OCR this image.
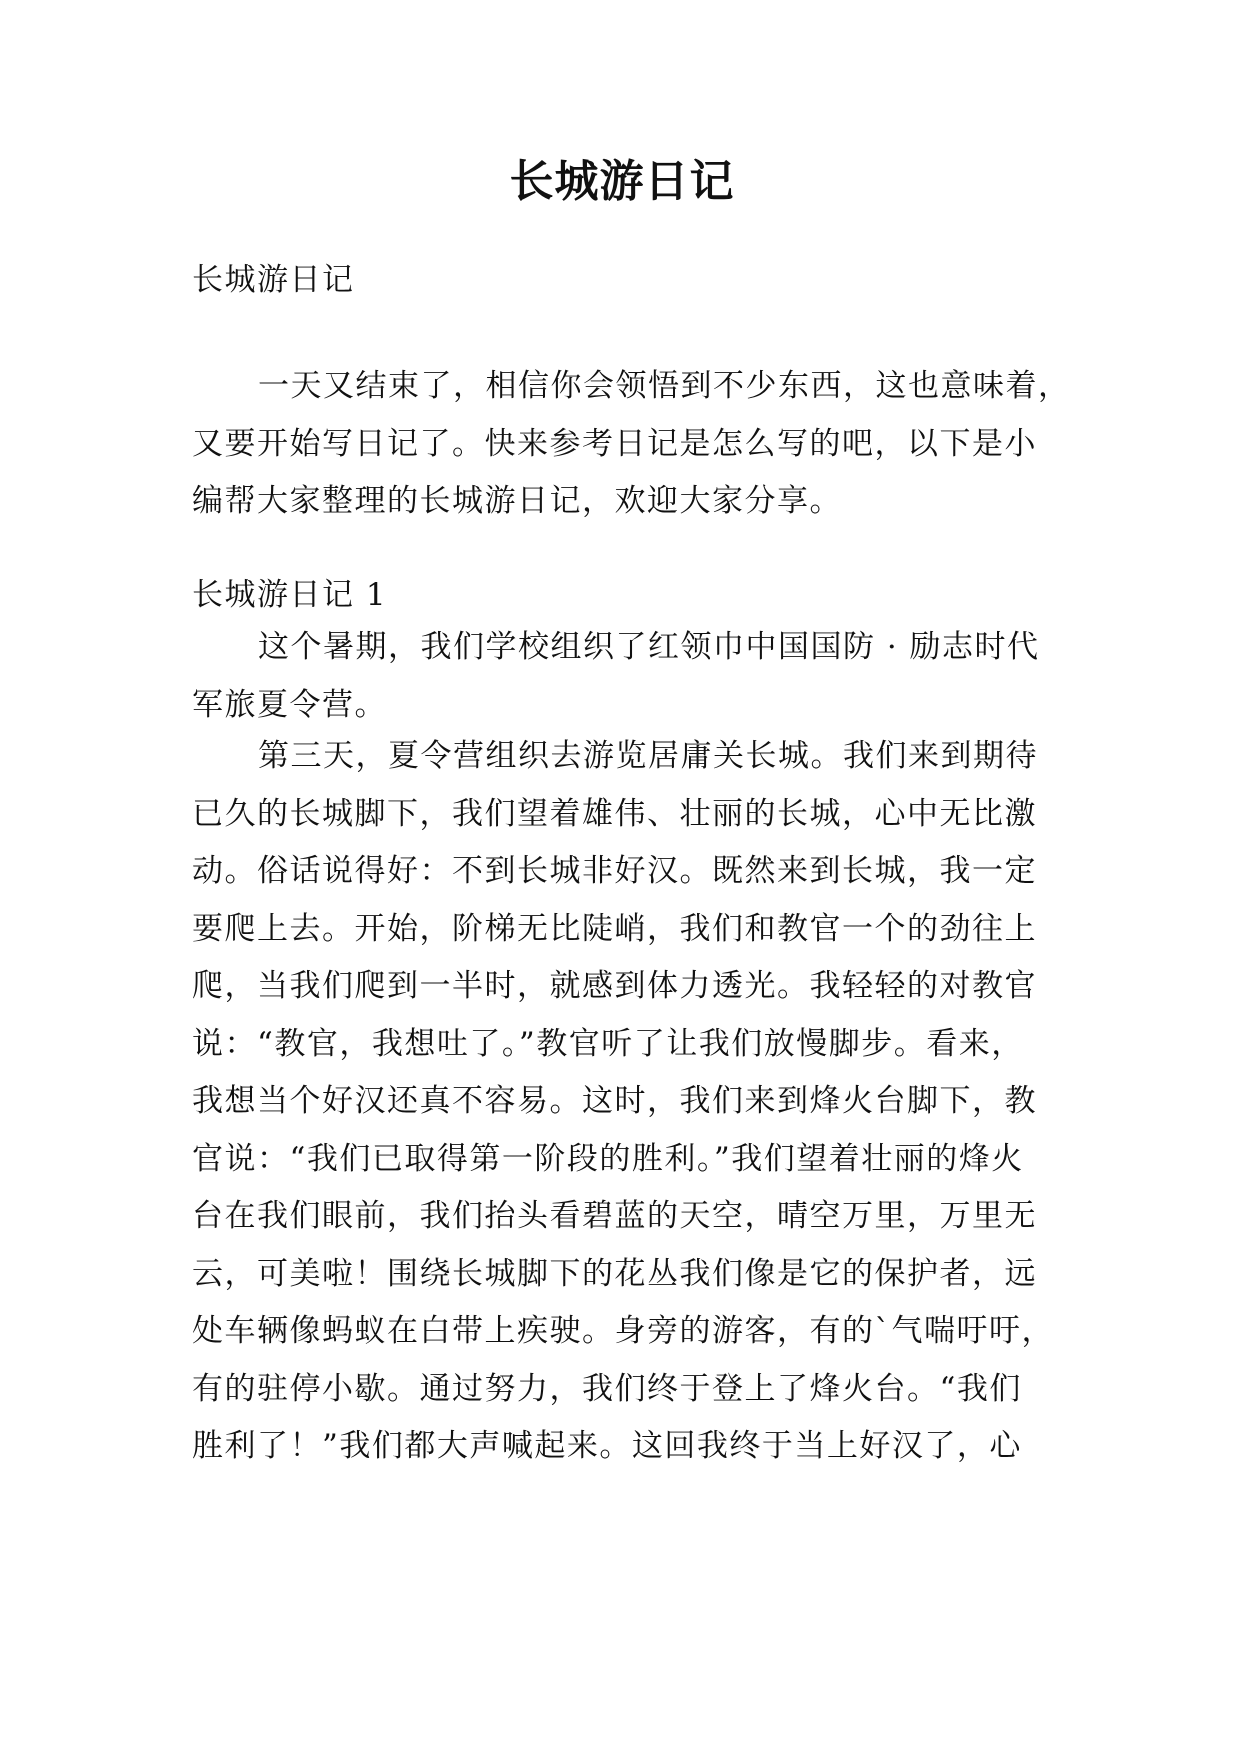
长城游日记
长城游日记
一天又结束了，相信你会领悟到不少东西，这也意味着，
又要开始写日记了。快来参考日记是怎么写的吧，以下是小
编帮大家整理的长城游日记，欢迎大家分享。
长城游日记 1
这个暑期，我们学校组织了红领巾中国国防 · 励志时代
军旅夏令营。
第三天，夏令营组织去游览居庸关长城。我们来到期待
已久的长城脚下，我们望着雄伟、壮丽的长城，心中无比激
动。俗话说得好：不到长城非好汉。既然来到长城，我一定
要爬上去。开始，阶梯无比陡峭，我们和教官一个的劲往上
爬，当我们爬到一半时，就感到体力透光。我轻轻的对教官
说：“教官，我想吐了。”教官听了让我们放慢脚步。看来，
我想当个好汉还真不容易。这时，我们来到烽火台脚下，教
官说：“我们已取得第一阶段的胜利。”我们望着壮丽的烽火
台在我们眼前，我们抬头看碧蓝的天空，晴空万里，万里无
云，可美啦！围绕长城脚下的花丛我们像是它的保护者，远
处车辆像蚂蚁在白带上疾驶。身旁的游客，有的`气喘吁吁，
有的驻停小歇。通过努力，我们终于登上了烽火台。“我们
胜利了！”我们都大声喊起来。这回我终于当上好汉了，心
